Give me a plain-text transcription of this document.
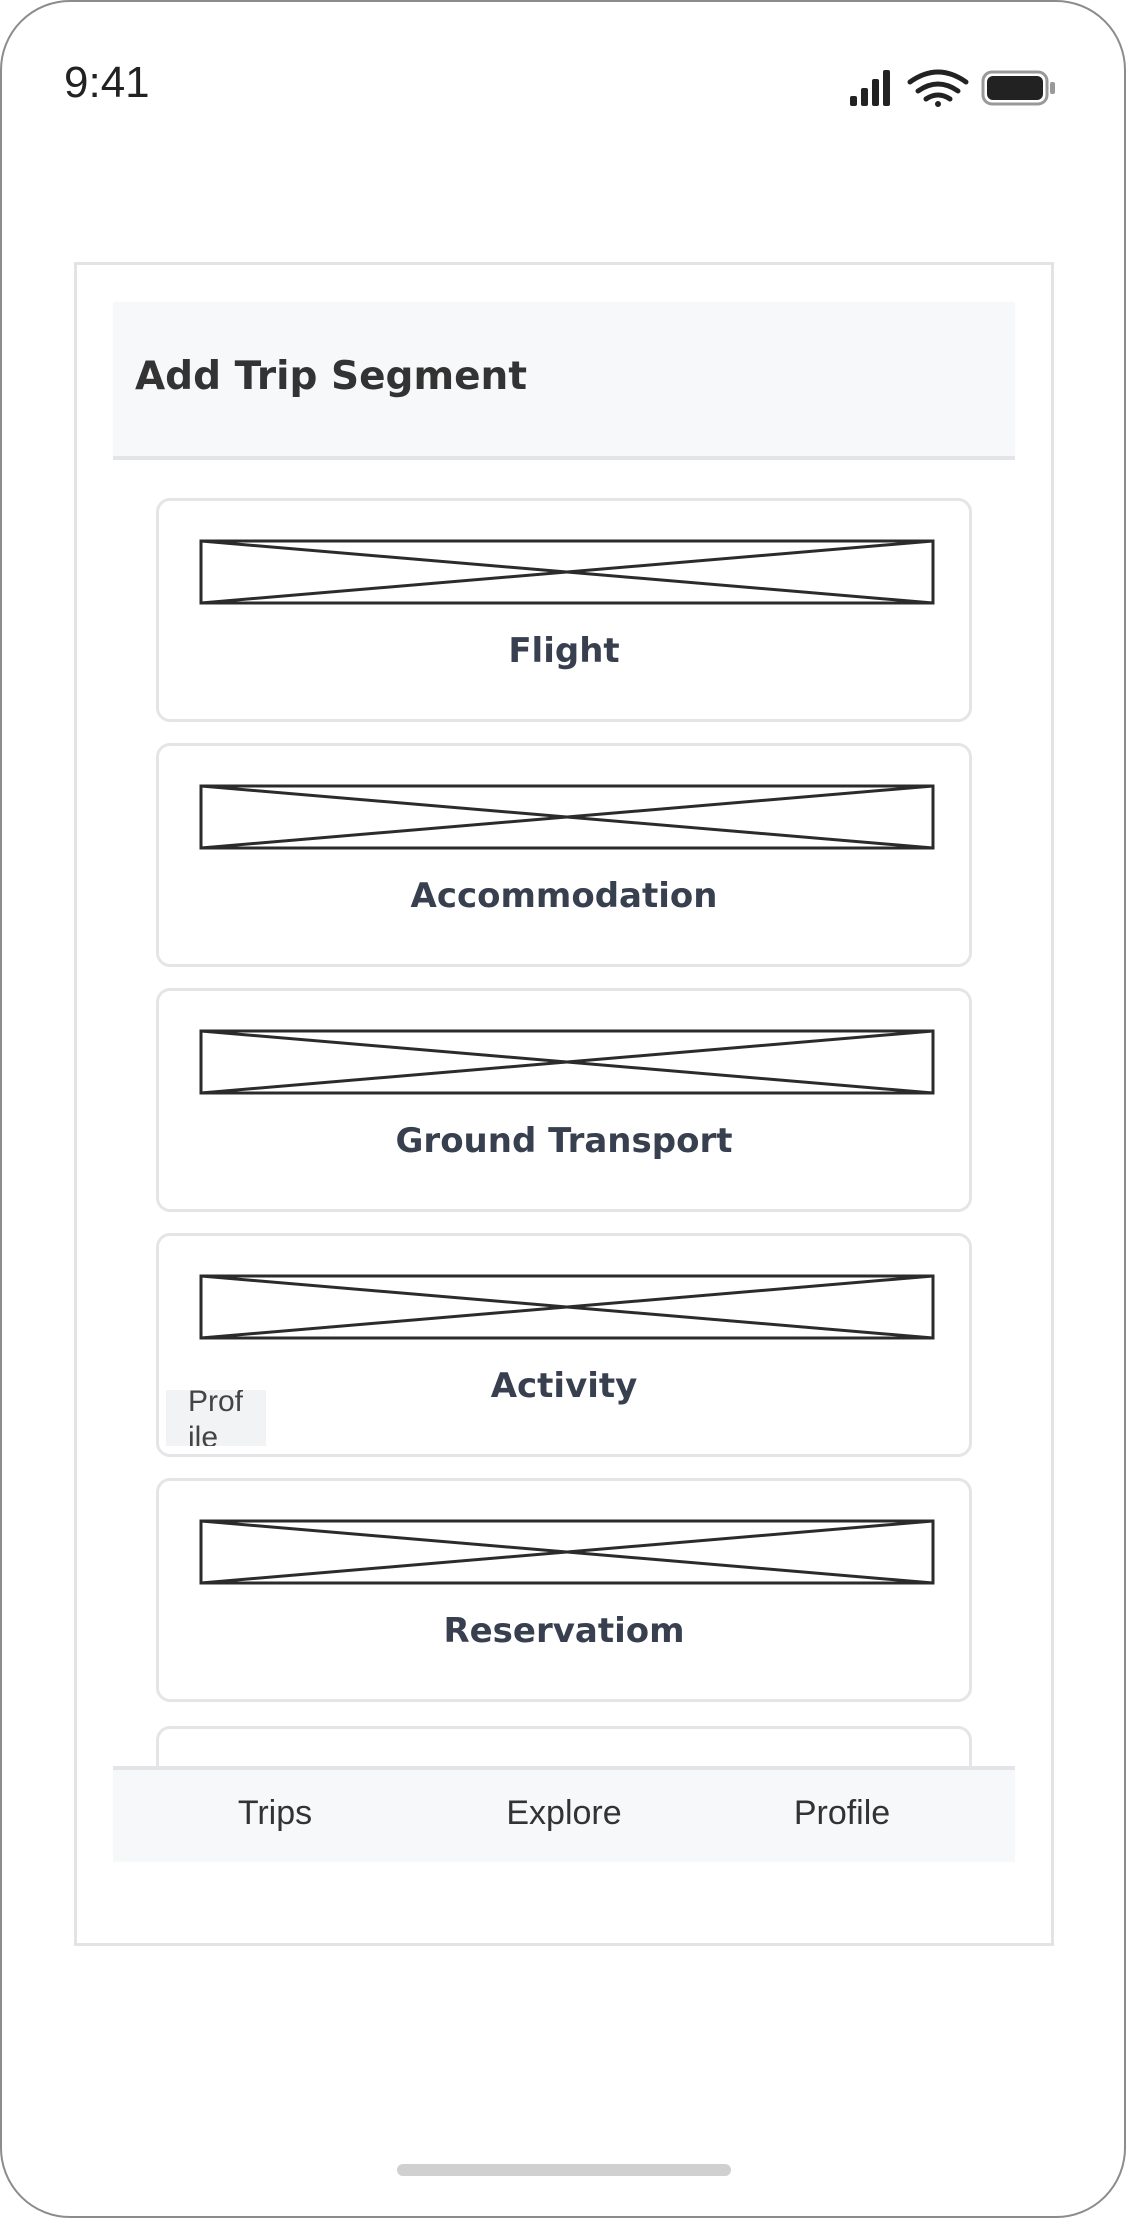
9:41
Add Trip Segment
Flight
Accommodation
Ground Transport
Activity
Reservatiom
Profile
Trips	Explore	Profile
